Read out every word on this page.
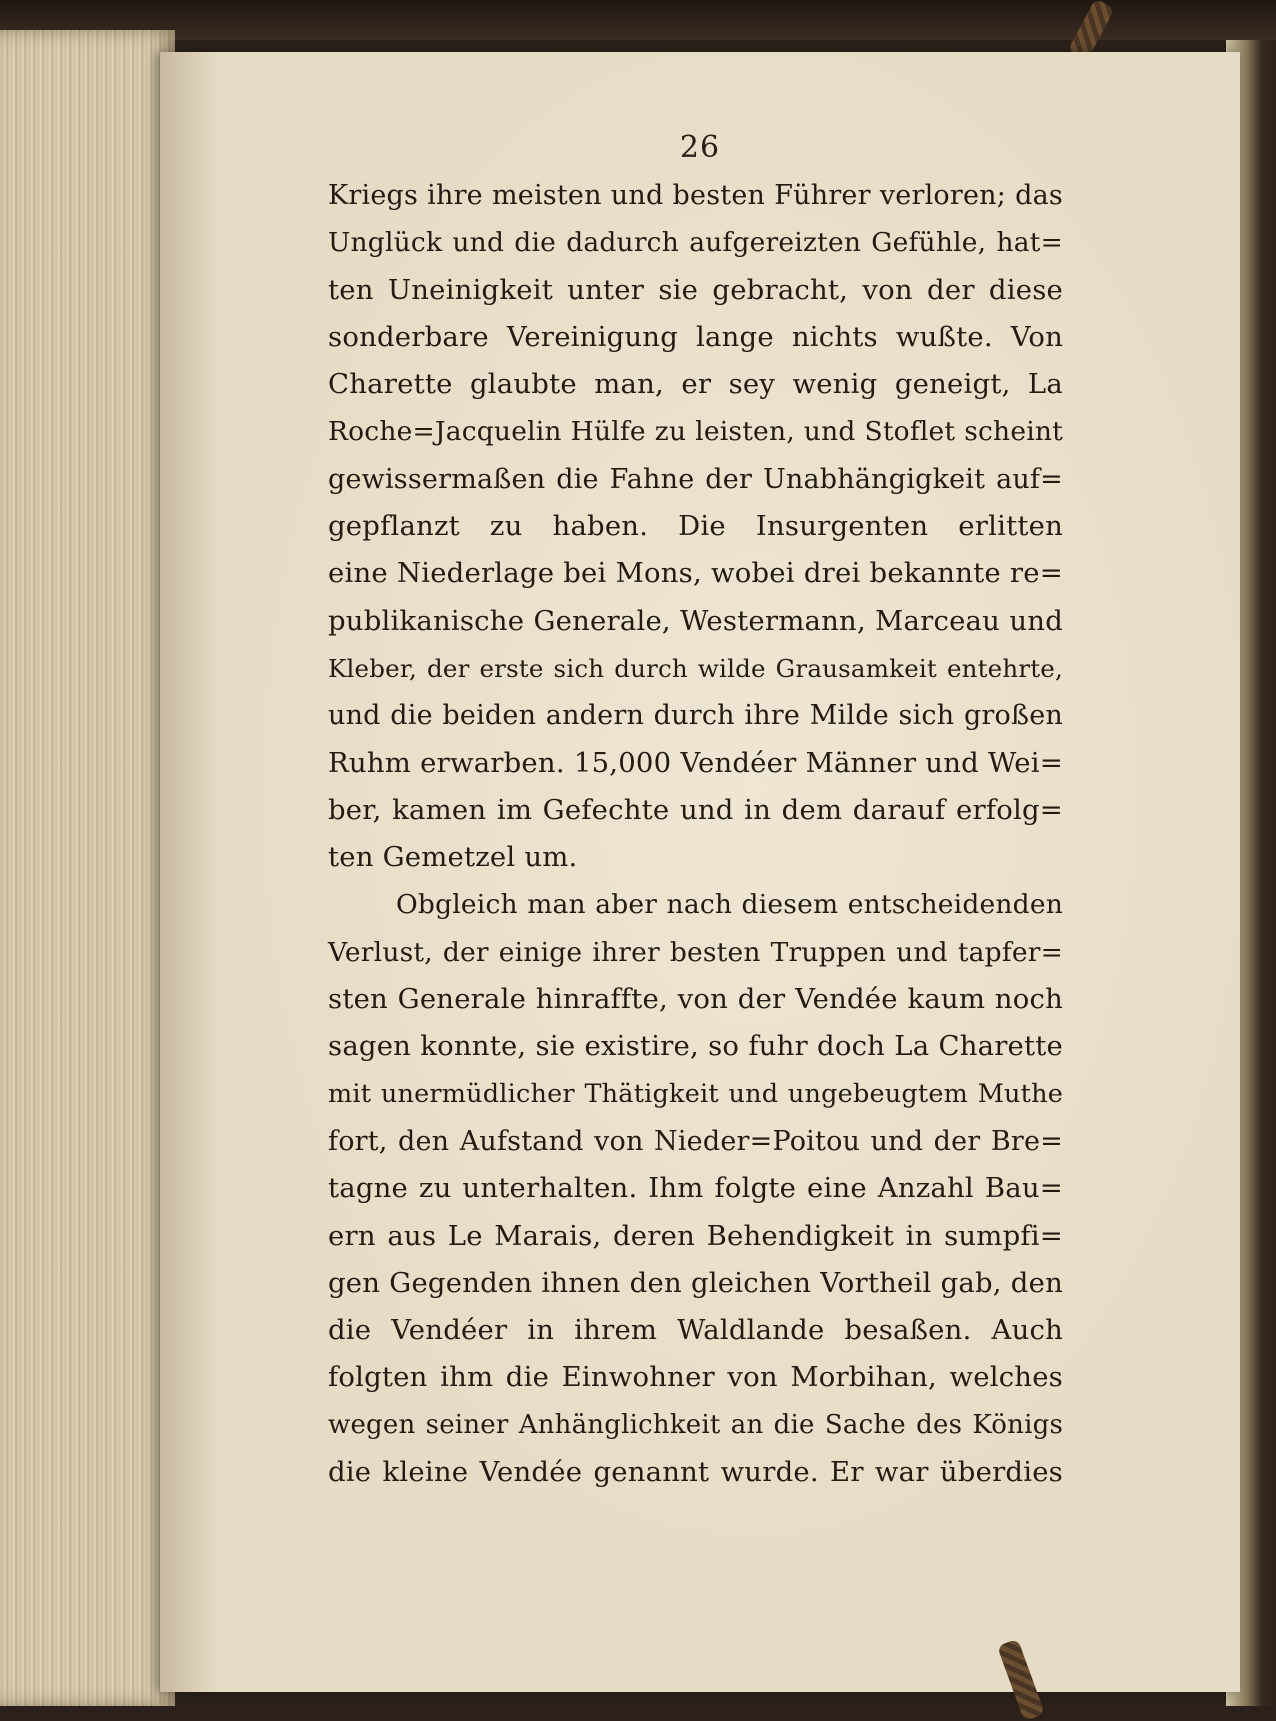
26
Kriegs ihre meisten und besten Führer verloren; das
Unglück und die dadurch aufgereizten Gefühle, hat=
ten Uneinigkeit unter sie gebracht, von der diese
sonderbare Vereinigung lange nichts wußte. Von
Charette glaubte man, er sey wenig geneigt, La
Roche=Jacquelin Hülfe zu leisten, und Stoflet scheint
gewissermaßen die Fahne der Unabhängigkeit auf=
gepflanzt zu haben. Die Insurgenten erlitten
eine Niederlage bei Mons, wobei drei bekannte re=
publikanische Generale, Westermann, Marceau und
Kleber, der erste sich durch wilde Grausamkeit entehrte,
und die beiden andern durch ihre Milde sich großen
Ruhm erwarben. 15,000 Vendéer Männer und Wei=
ber, kamen im Gefechte und in dem darauf erfolg=
ten Gemetzel um.
Obgleich man aber nach diesem entscheidenden
Verlust, der einige ihrer besten Truppen und tapfer=
sten Generale hinraffte, von der Vendée kaum noch
sagen konnte, sie existire, so fuhr doch La Charette
mit unermüdlicher Thätigkeit und ungebeugtem Muthe
fort, den Aufstand von Nieder=Poitou und der Bre=
tagne zu unterhalten. Ihm folgte eine Anzahl Bau=
ern aus Le Marais, deren Behendigkeit in sumpfi=
gen Gegenden ihnen den gleichen Vortheil gab, den
die Vendéer in ihrem Waldlande besaßen. Auch
folgten ihm die Einwohner von Morbihan, welches
wegen seiner Anhänglichkeit an die Sache des Königs
die kleine Vendée genannt wurde. Er war überdies
